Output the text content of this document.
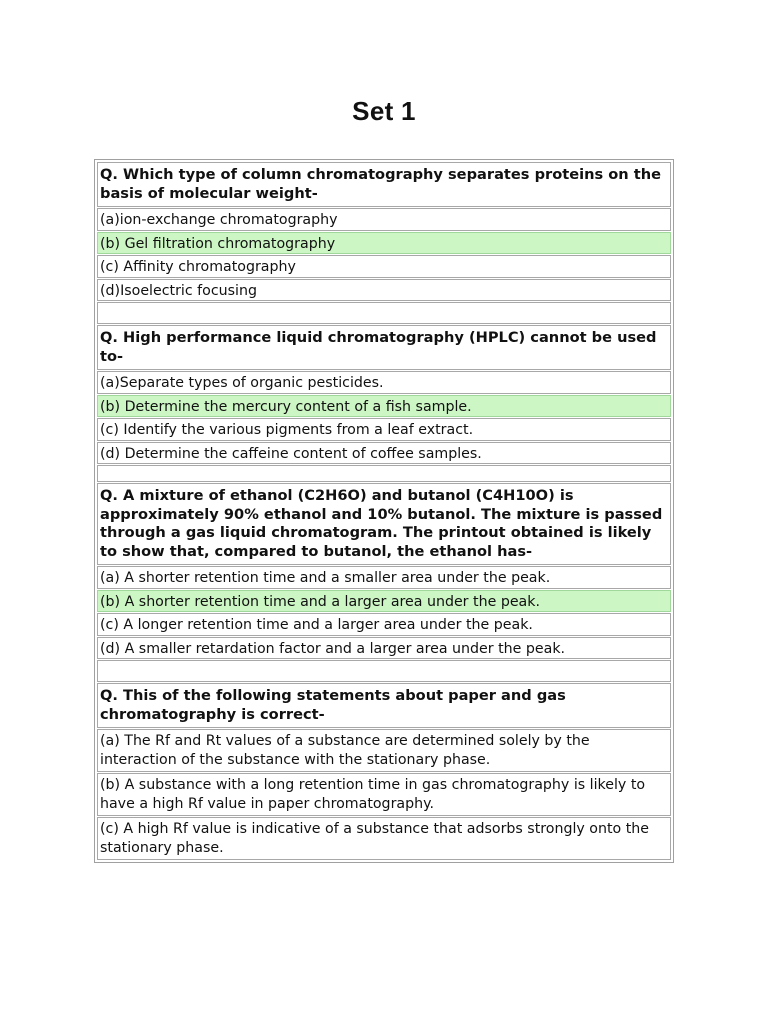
Set 1
Q. Which type of column chromatography separates proteins on the basis of molecular weight-
(a)ion-exchange chromatography
(b) Gel filtration chromatography
(c) Affinity chromatography
(d)Isoelectric focusing
Q. High performance liquid chromatography (HPLC) cannot be used to-
(a)Separate types of organic pesticides.
(b) Determine the mercury content of a fish sample.
(c) Identify the various pigments from a leaf extract.
(d) Determine the caffeine content of coffee samples.
Q. A mixture of ethanol (C2H6O) and butanol (C4H10O) is approximately 90% ethanol and 10% butanol. The mixture is passed through a gas liquid chromatogram. The printout obtained is likely to show that, compared to butanol, the ethanol has-
(a) A shorter retention time and a smaller area under the peak.
(b) A shorter retention time and a larger area under the peak.
(c) A longer retention time and a larger area under the peak.
(d) A smaller retardation factor and a larger area under the peak.
Q. This of the following statements about paper and gas chromatography is correct-
(a) The Rf and Rt values of a substance are determined solely by the interaction of the substance with the stationary phase.
(b) A substance with a long retention time in gas chromatography is likely to have a high Rf value in paper chromatography.
(c) A high Rf value is indicative of a substance that adsorbs strongly onto the stationary phase.
